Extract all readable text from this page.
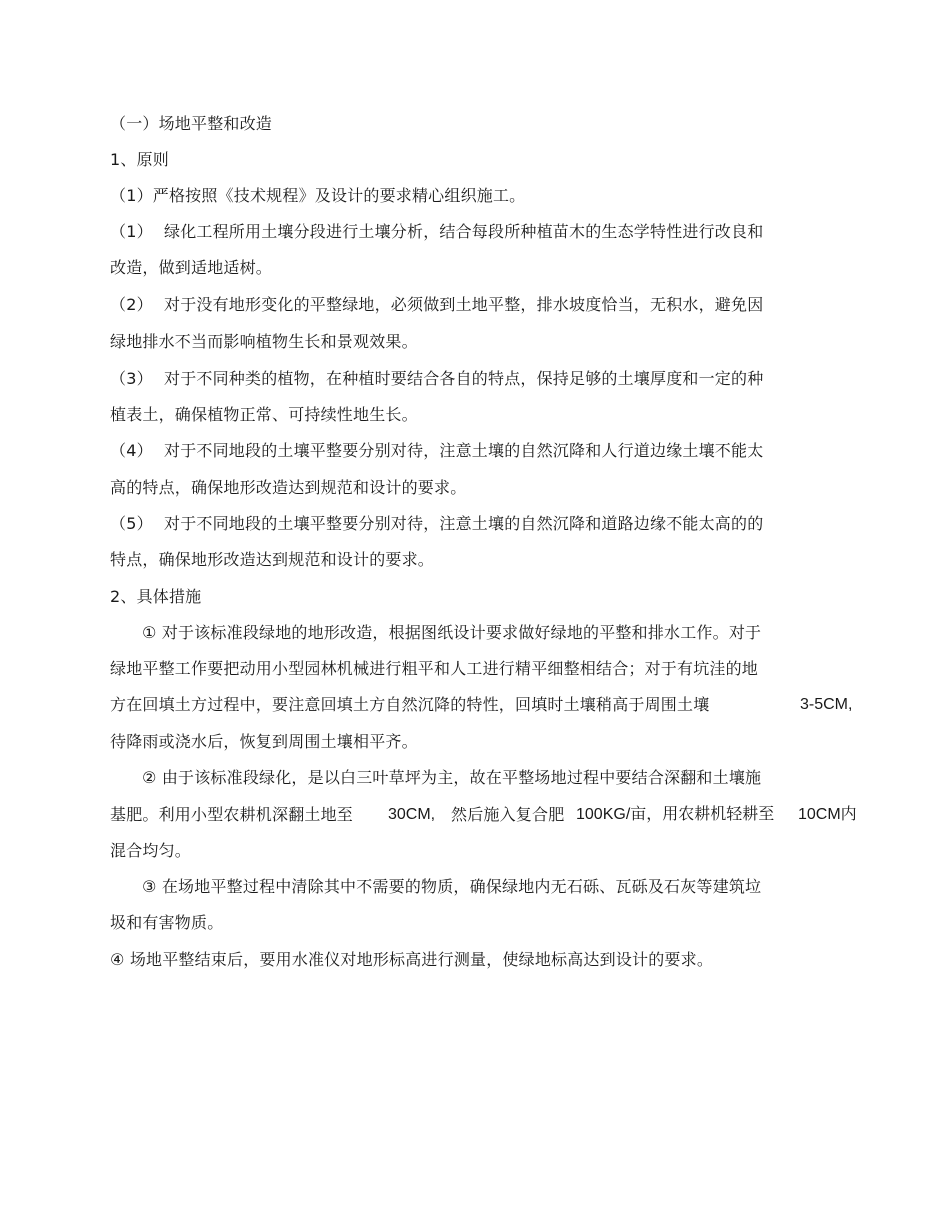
（一）场地平整和改造
1、原则
（1）严格按照《技术规程》及设计的要求精心组织施工。
（1） 绿化工程所用土壤分段进行土壤分析，结合每段所种植苗木的生态学特性进行改良和
改造，做到适地适树。
（2） 对于没有地形变化的平整绿地，必须做到土地平整，排水坡度恰当，无积水，避免因
绿地排水不当而影响植物生长和景观效果。
（3） 对于不同种类的植物，在种植时要结合各自的特点，保持足够的土壤厚度和一定的种
植表土，确保植物正常、可持续性地生长。
（4） 对于不同地段的土壤平整要分别对待，注意土壤的自然沉降和人行道边缘土壤不能太
高的特点，确保地形改造达到规范和设计的要求。
（5） 对于不同地段的土壤平整要分别对待，注意土壤的自然沉降和道路边缘不能太高的的
特点，确保地形改造达到规范和设计的要求。
2、具体措施
① 对于该标准段绿地的地形改造，根据图纸设计要求做好绿地的平整和排水工作。对于
绿地平整工作要把动用小型园林机械进行粗平和人工进行精平细整相结合；对于有坑洼的地
方在回填土方过程中，要注意回填土方自然沉降的特性，回填时土壤稍高于周围土壤	3-5CM,
待降雨或浇水后，恢复到周围土壤相平齐。
② 由于该标准段绿化，是以白三叶草坪为主，故在平整场地过程中要结合深翻和土壤施
基肥。利用小型农耕机深翻土地至 30CM, 然后施入复合肥 100KG/亩，用农耕机轻耕至 10CM内
混合均匀。
③ 在场地平整过程中清除其中不需要的物质，确保绿地内无石砾、瓦砾及石灰等建筑垃
圾和有害物质。
④ 场地平整结束后，要用水准仪对地形标高进行测量，使绿地标高达到设计的要求。
